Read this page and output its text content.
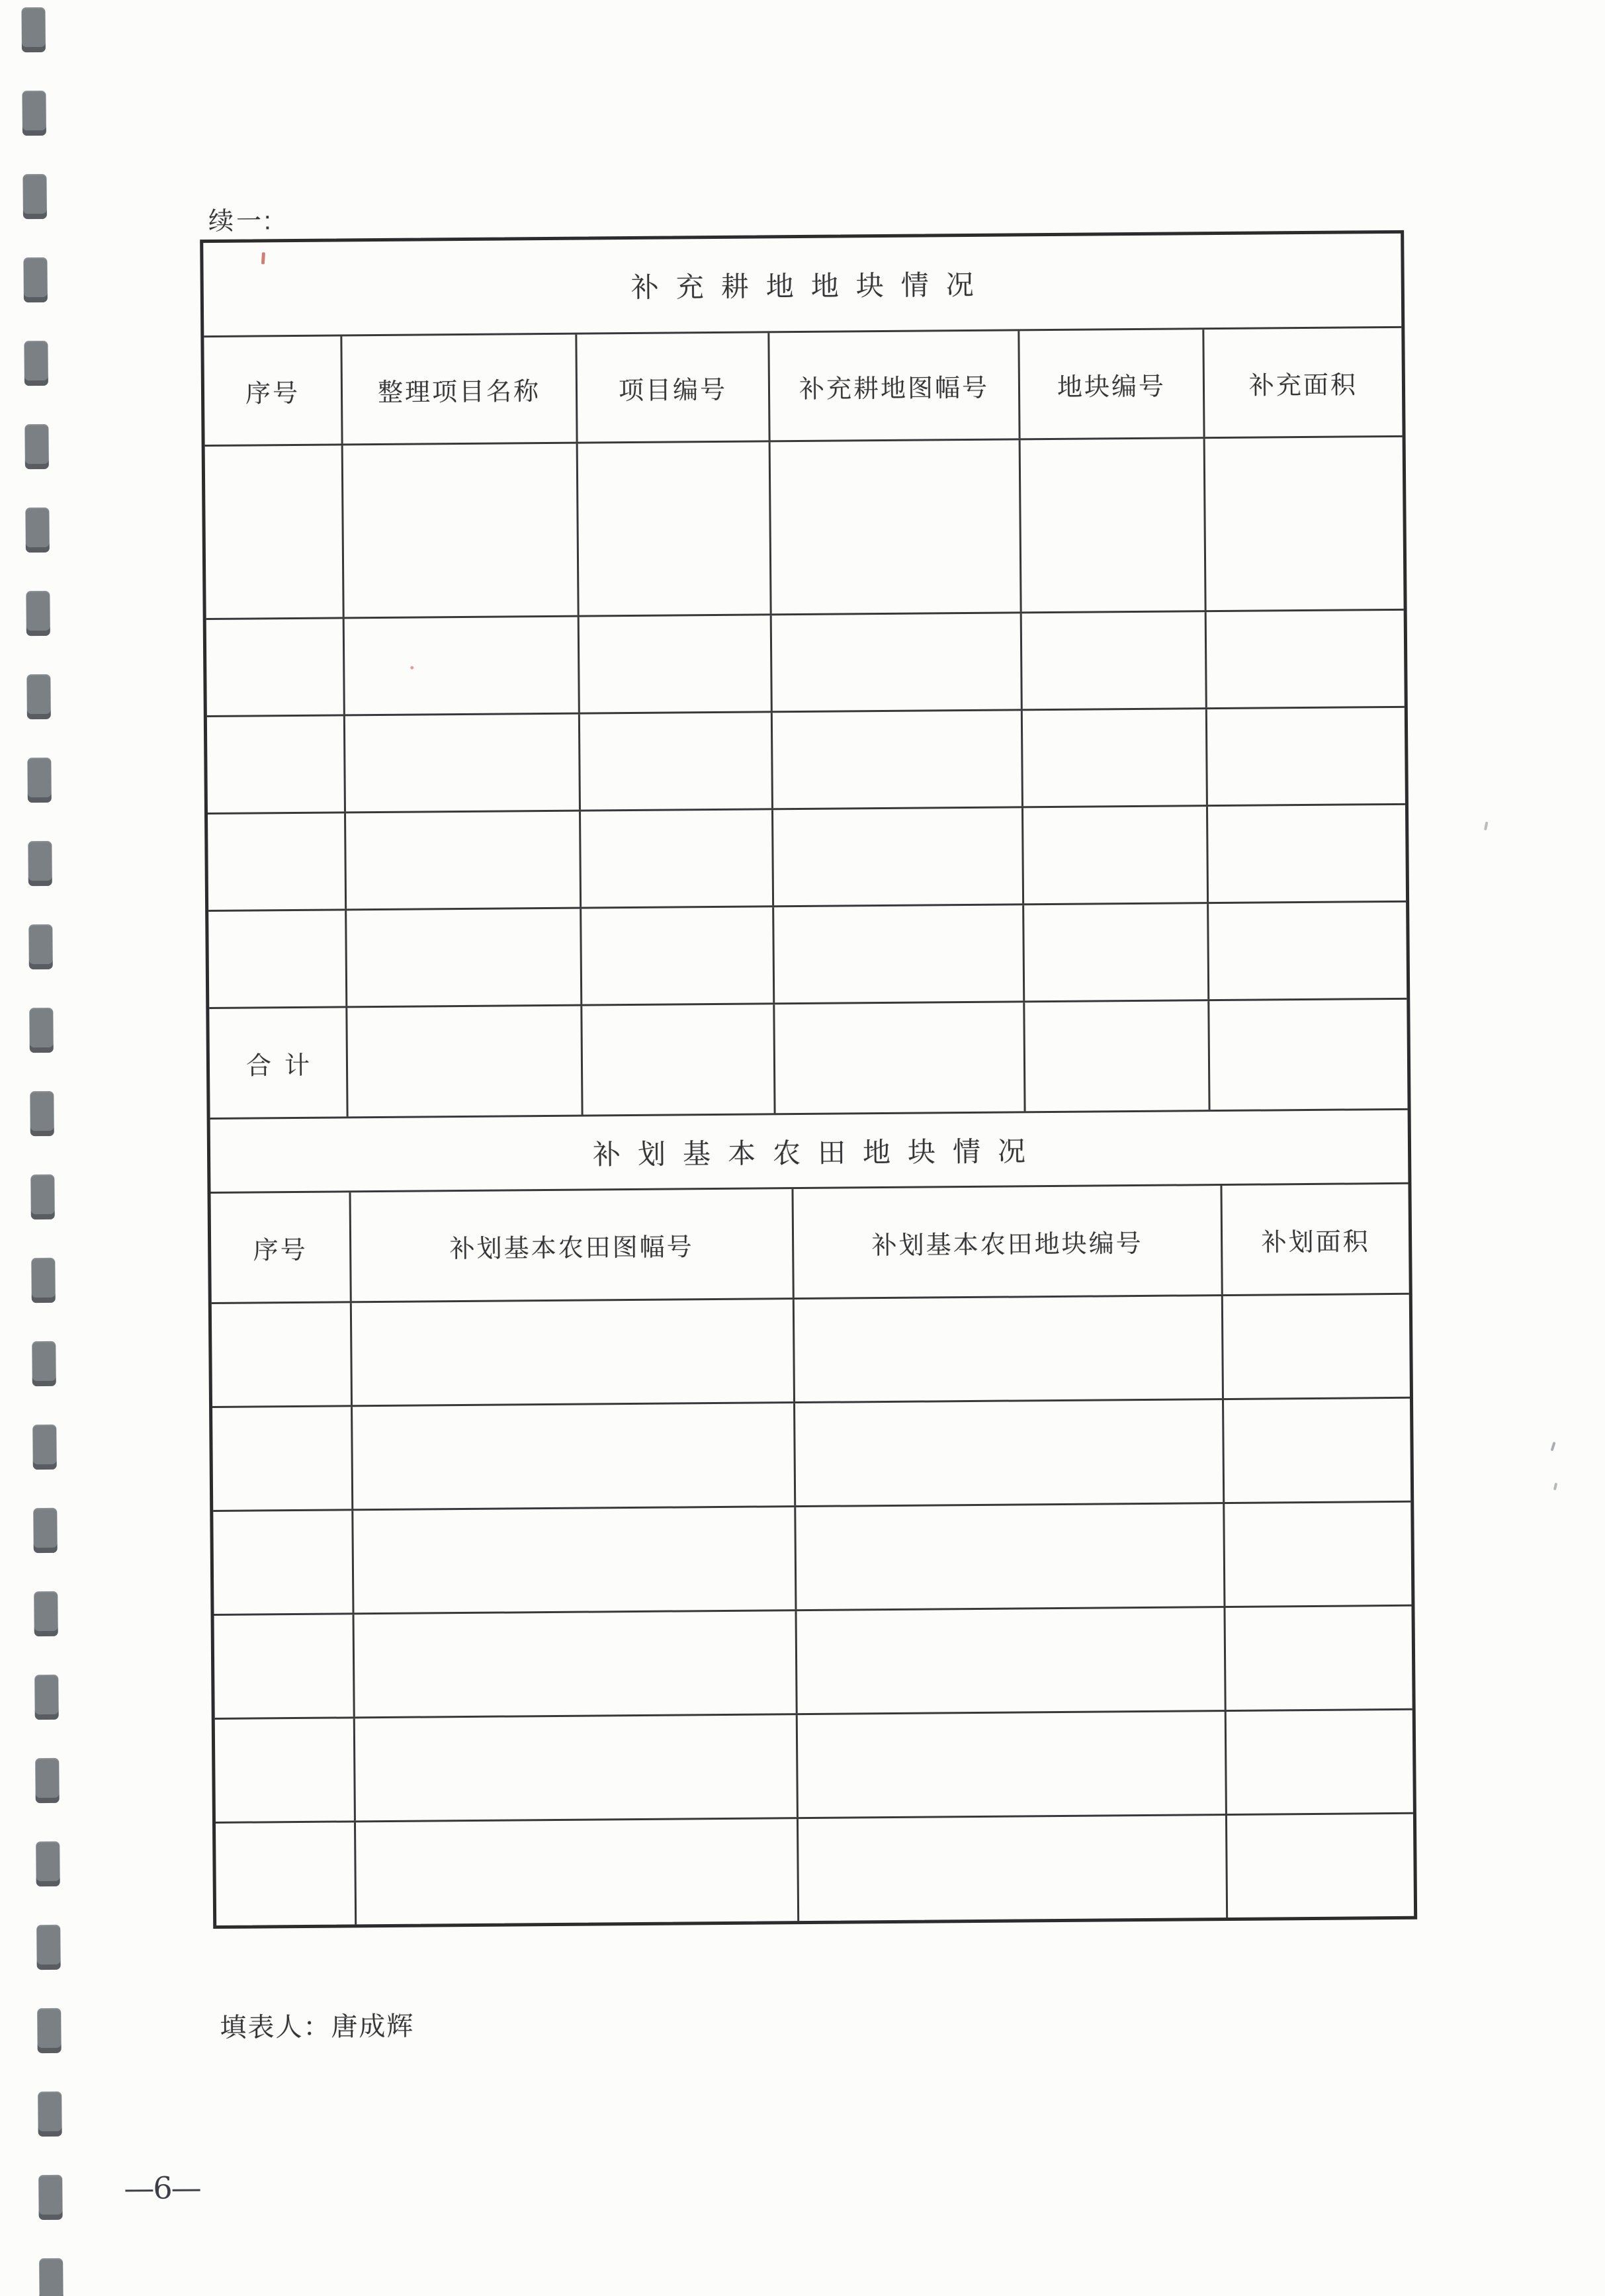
续一:
补充耕地地块情况
序号	整理项目名称	项目编号	补充耕地图幅号	地块编号	补充面积
合计
补划基本农田地块情况
序号	补划基本农田图幅号	补划基本农田地块编号	补划面积
填表人：唐成辉
—6—
